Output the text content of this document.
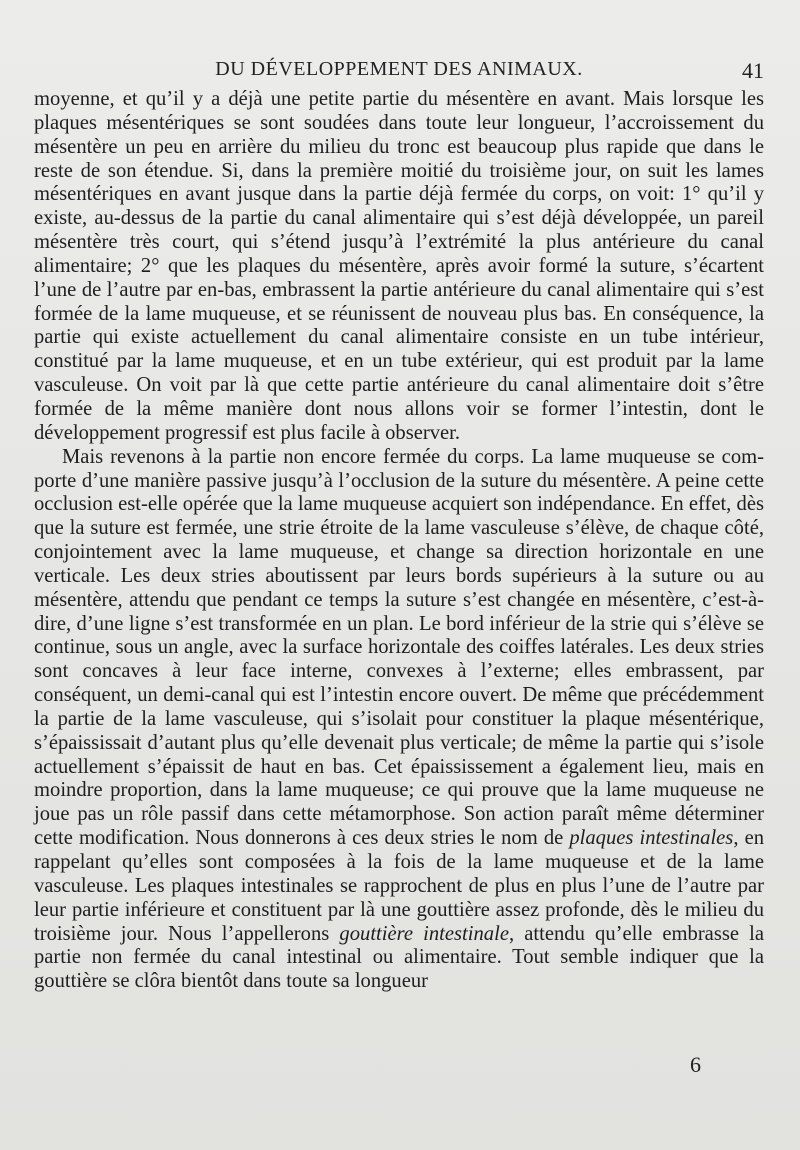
DU DÉVELOPPEMENT DES ANIMAUX.	41

moyenne, et qu’il y a déjà une petite partie du mésentère en avant. Mais lorsque les plaques mésentériques se sont soudées dans toute leur longueur, l’accroissement du mésentère un peu en arrière du milieu du tronc est beaucoup plus rapide que dans le reste de son étendue. Si, dans la première moitié du troisième jour, on suit les lames mésentériques en avant jusque dans la partie déjà fermée du corps, on voit: 1° qu’il y existe, au-dessus de la partie du canal alimentaire qui s’est déjà développée, un pareil mésentère très court, qui s’étend jusqu’à l’extrémité la plus antérieure du canal alimentaire; 2° que les plaques du mésentère, après avoir formé la suture, s’écartent l’une de l’autre par en-bas, embrassent la partie antérieure du canal alimentaire qui s’est formée de la lame muqueuse, et se réunissent de nouveau plus bas. En conséquence, la partie qui existe actuellement du canal alimentaire consiste en un tube intérieur, constitué par la lame muqueuse, et en un tube extérieur, qui est produit par la lame vasculeuse. On voit par là que cette partie antérieure du canal alimentaire doit s’être formée de la même manière dont nous allons voir se former l’intestin, dont le développement progressif est plus facile à observer.

Mais revenons à la partie non encore fermée du corps. La lame muqueuse se comporte d’une manière passive jusqu’à l’occlusion de la suture du mésentère. A peine cette occlusion est-elle opérée que la lame muqueuse acquiert son indépendance. En effet, dès que la suture est fermée, une strie étroite de la lame vasculeuse s’élève, de chaque côté, conjointement avec la lame muqueuse, et change sa direction horizontale en une verticale. Les deux stries aboutissent par leurs bords supérieurs à la suture ou au mésentère, attendu que pendant ce temps la suture s’est changée en mésentère, c’est-à-dire, d’une ligne s’est transformée en un plan. Le bord inférieur de la strie qui s’élève se continue, sous un angle, avec la surface horizontale des coiffes latérales. Les deux stries sont concaves à leur face interne, convexes à l’externe; elles embrassent, par conséquent, un demi-canal qui est l’intestin encore ouvert. De même que précédemment la partie de la lame vasculeuse, qui s’isolait pour constituer la plaque mésentérique, s’épaississait d’autant plus qu’elle devenait plus verticale; de même la partie qui s’isole actuellement s’épaissit de haut en bas. Cet épaississement a également lieu, mais en moindre proportion, dans la lame muqueuse; ce qui prouve que la lame muqueuse ne joue pas un rôle passif dans cette métamorphose. Son action paraît même déterminer cette modification. Nous donnerons à ces deux stries le nom de plaques intestinales, en rappelant qu’elles sont composées à la fois de la lame muqueuse et de la lame vasculeuse. Les plaques intestinales se rapprochent de plus en plus l’une de l’autre par leur partie inférieure et constituent par là une gouttière assez profonde, dès le milieu du troisième jour. Nous l’appellerons gouttière intestinale, attendu qu’elle embrasse la partie non fermée du canal intestinal ou alimentaire. Tout semble indiquer que la gouttière se clôra bientôt dans toute sa longueur

6
